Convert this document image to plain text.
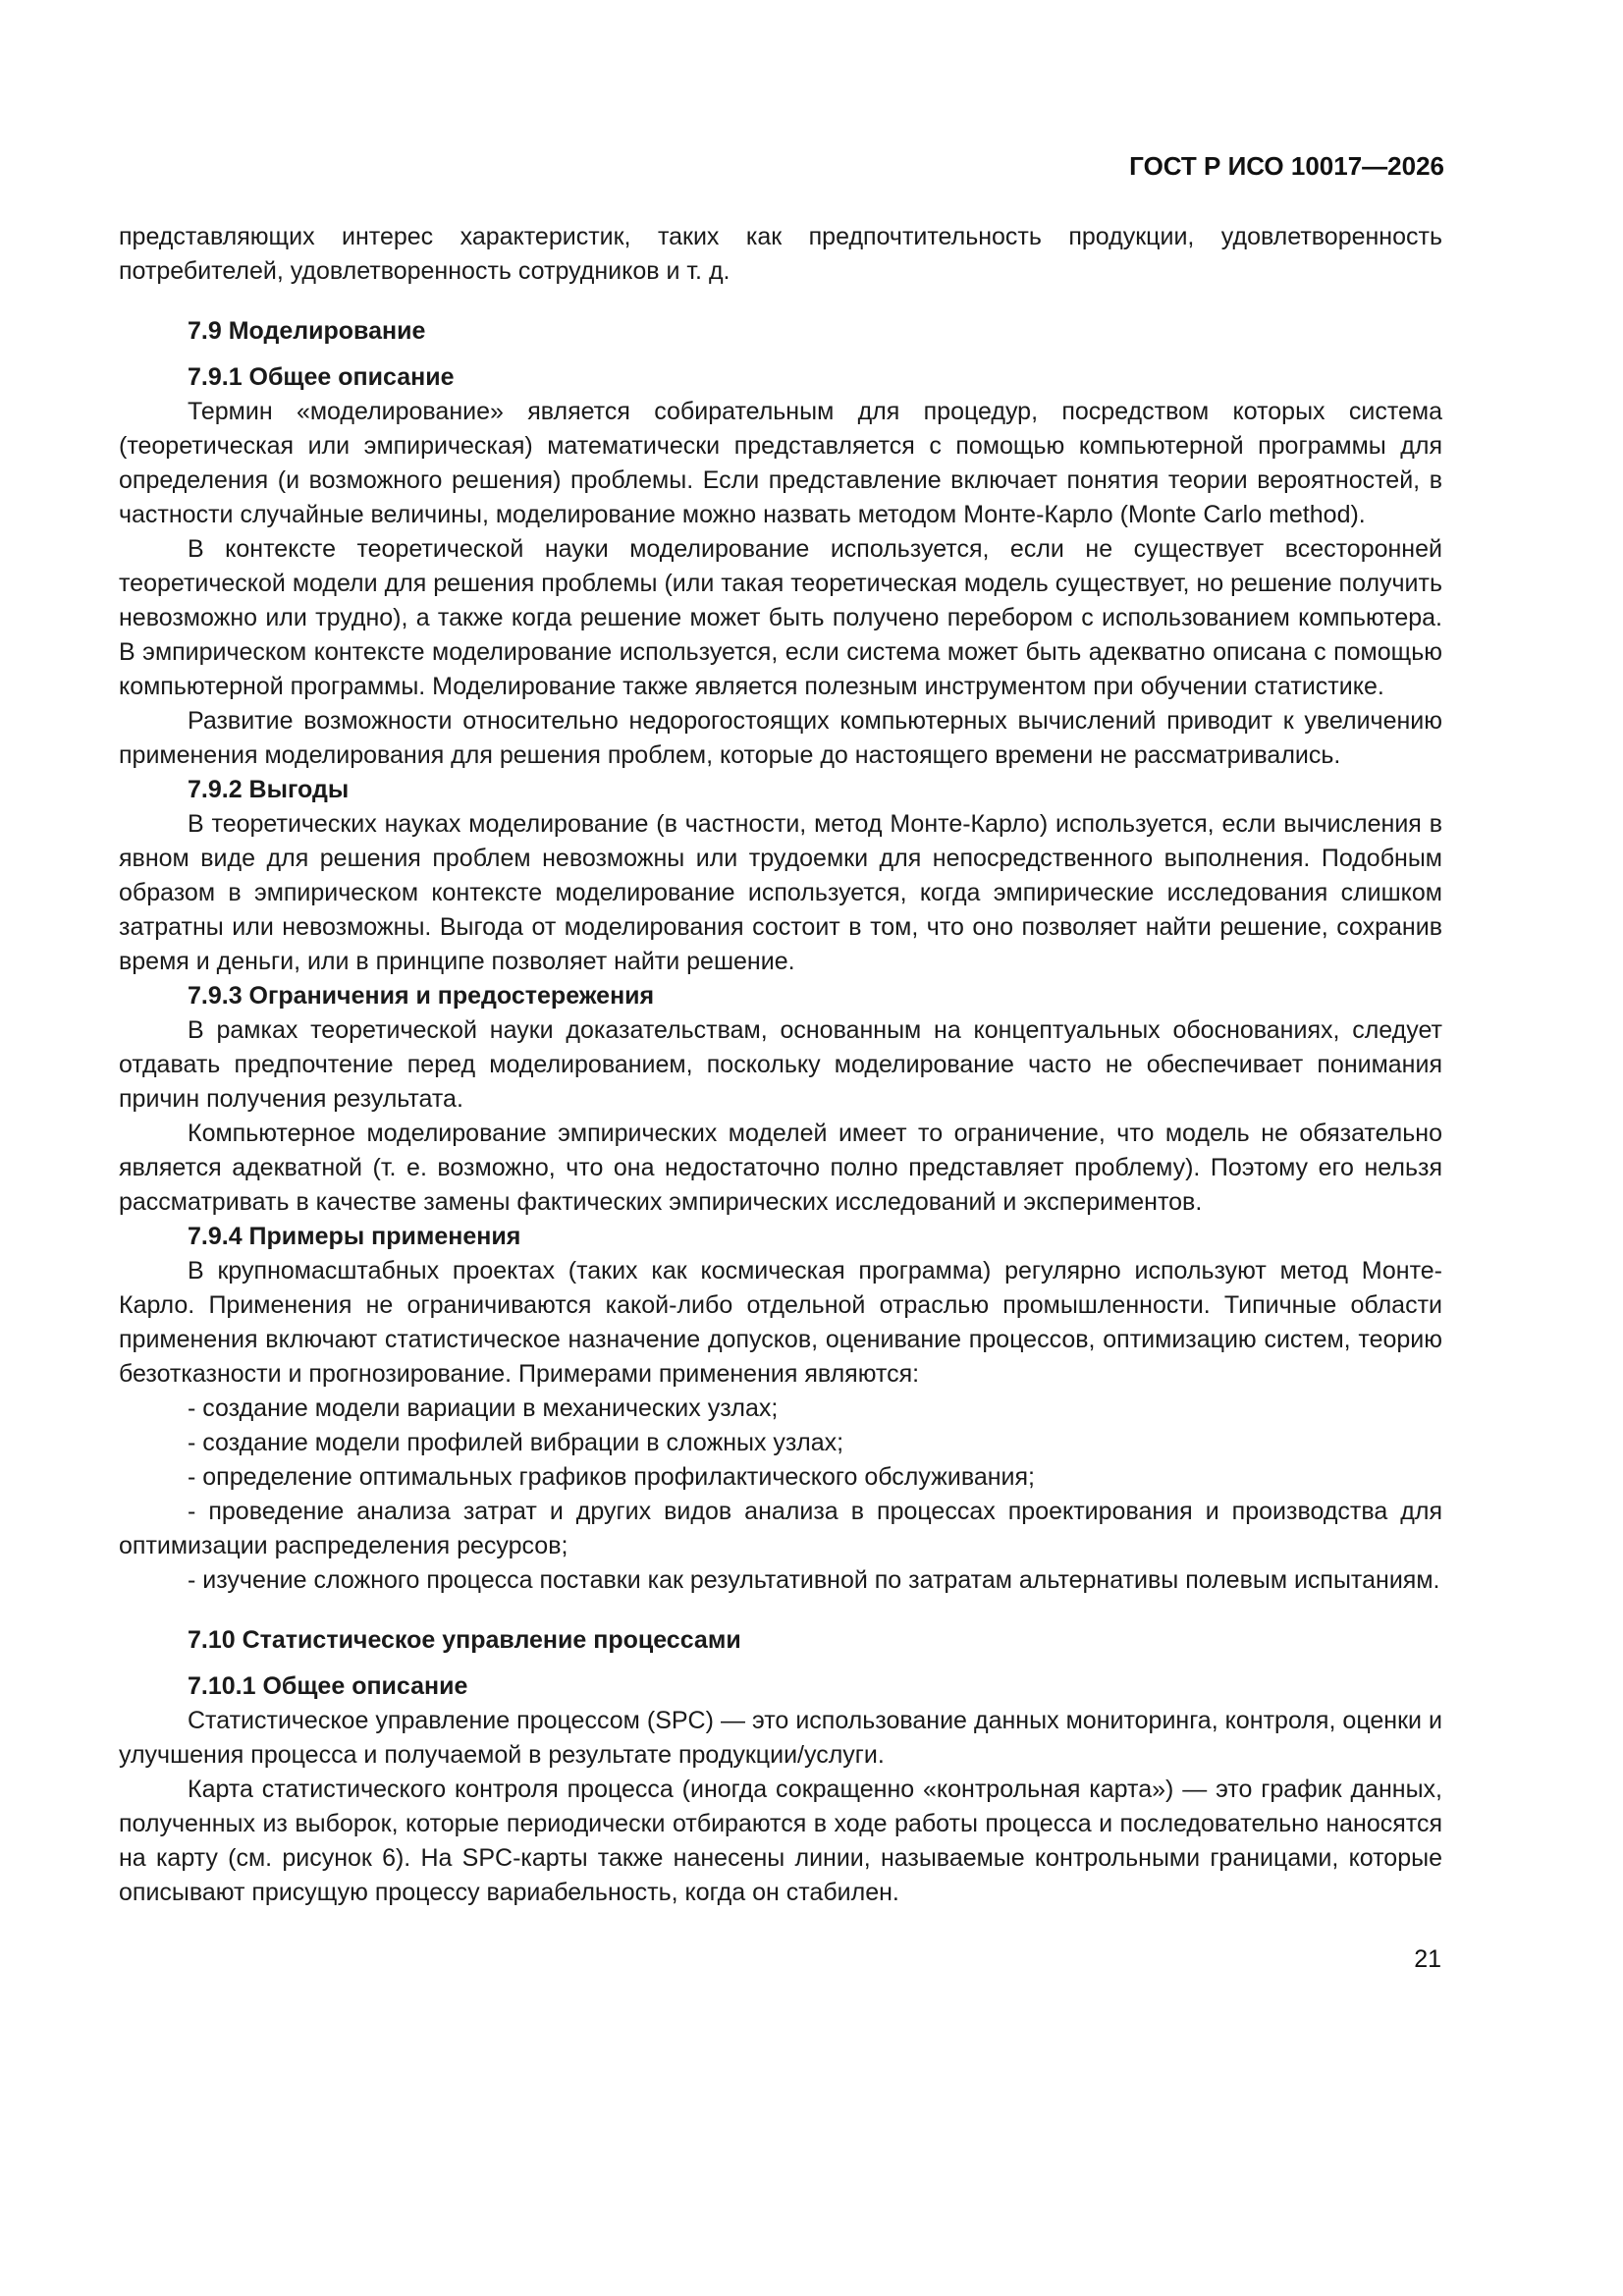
ГОСТ Р ИСО 10017—2026

представляющих интерес характеристик, таких как предпочтительность продукции, удовлетворенность потребителей, удовлетворенность сотрудников и т. д.

7.9 Моделирование
7.9.1 Общее описание

Термин «моделирование» является собирательным для процедур, посредством которых система (теоретическая или эмпирическая) математически представляется с помощью компьютерной программы для определения (и возможного решения) проблемы. Если представление включает понятия теории вероятностей, в частности случайные величины, моделирование можно назвать методом Монте-Карло (Monte Carlo method).

В контексте теоретической науки моделирование используется, если не существует всесторонней теоретической модели для решения проблемы (или такая теоретическая модель существует, но решение получить невозможно или трудно), а также когда решение может быть получено перебором с использованием компьютера. В эмпирическом контексте моделирование используется, если система может быть адекватно описана с помощью компьютерной программы. Моделирование также является полезным инструментом при обучении статистике.

Развитие возможности относительно недорогостоящих компьютерных вычислений приводит к увеличению применения моделирования для решения проблем, которые до настоящего времени не рассматривались.

7.9.2 Выгоды

В теоретических науках моделирование (в частности, метод Монте-Карло) используется, если вычисления в явном виде для решения проблем невозможны или трудоемки для непосредственного выполнения. Подобным образом в эмпирическом контексте моделирование используется, когда эмпирические исследования слишком затратны или невозможны. Выгода от моделирования состоит в том, что оно позволяет найти решение, сохранив время и деньги, или в принципе позволяет найти решение.

7.9.3 Ограничения и предостережения

В рамках теоретической науки доказательствам, основанным на концептуальных обоснованиях, следует отдавать предпочтение перед моделированием, поскольку моделирование часто не обеспечивает понимания причин получения результата.

Компьютерное моделирование эмпирических моделей имеет то ограничение, что модель не обязательно является адекватной (т. е. возможно, что она недостаточно полно представляет проблему). Поэтому его нельзя рассматривать в качестве замены фактических эмпирических исследований и экспериментов.

7.9.4 Примеры применения

В крупномасштабных проектах (таких как космическая программа) регулярно используют метод Монте-Карло. Применения не ограничиваются какой-либо отдельной отраслью промышленности. Типичные области применения включают статистическое назначение допусков, оценивание процессов, оптимизацию систем, теорию безотказности и прогнозирование. Примерами применения являются:

- создание модели вариации в механических узлах;
- создание модели профилей вибрации в сложных узлах;
- определение оптимальных графиков профилактического обслуживания;
- проведение анализа затрат и других видов анализа в процессах проектирования и производства для оптимизации распределения ресурсов;
- изучение сложного процесса поставки как результативной по затратам альтернативы полевым испытаниям.
7.10 Статистическое управление процессами
7.10.1 Общее описание

Статистическое управление процессом (SPC) — это использование данных мониторинга, контроля, оценки и улучшения процесса и получаемой в результате продукции/услуги.

Карта статистического контроля процесса (иногда сокращенно «контрольная карта») — это график данных, полученных из выборок, которые периодически отбираются в ходе работы процесса и последовательно наносятся на карту (см. рисунок 6). На SPC-карты также нанесены линии, называемые контрольными границами, которые описывают присущую процессу вариабельность, когда он стабилен.

21
